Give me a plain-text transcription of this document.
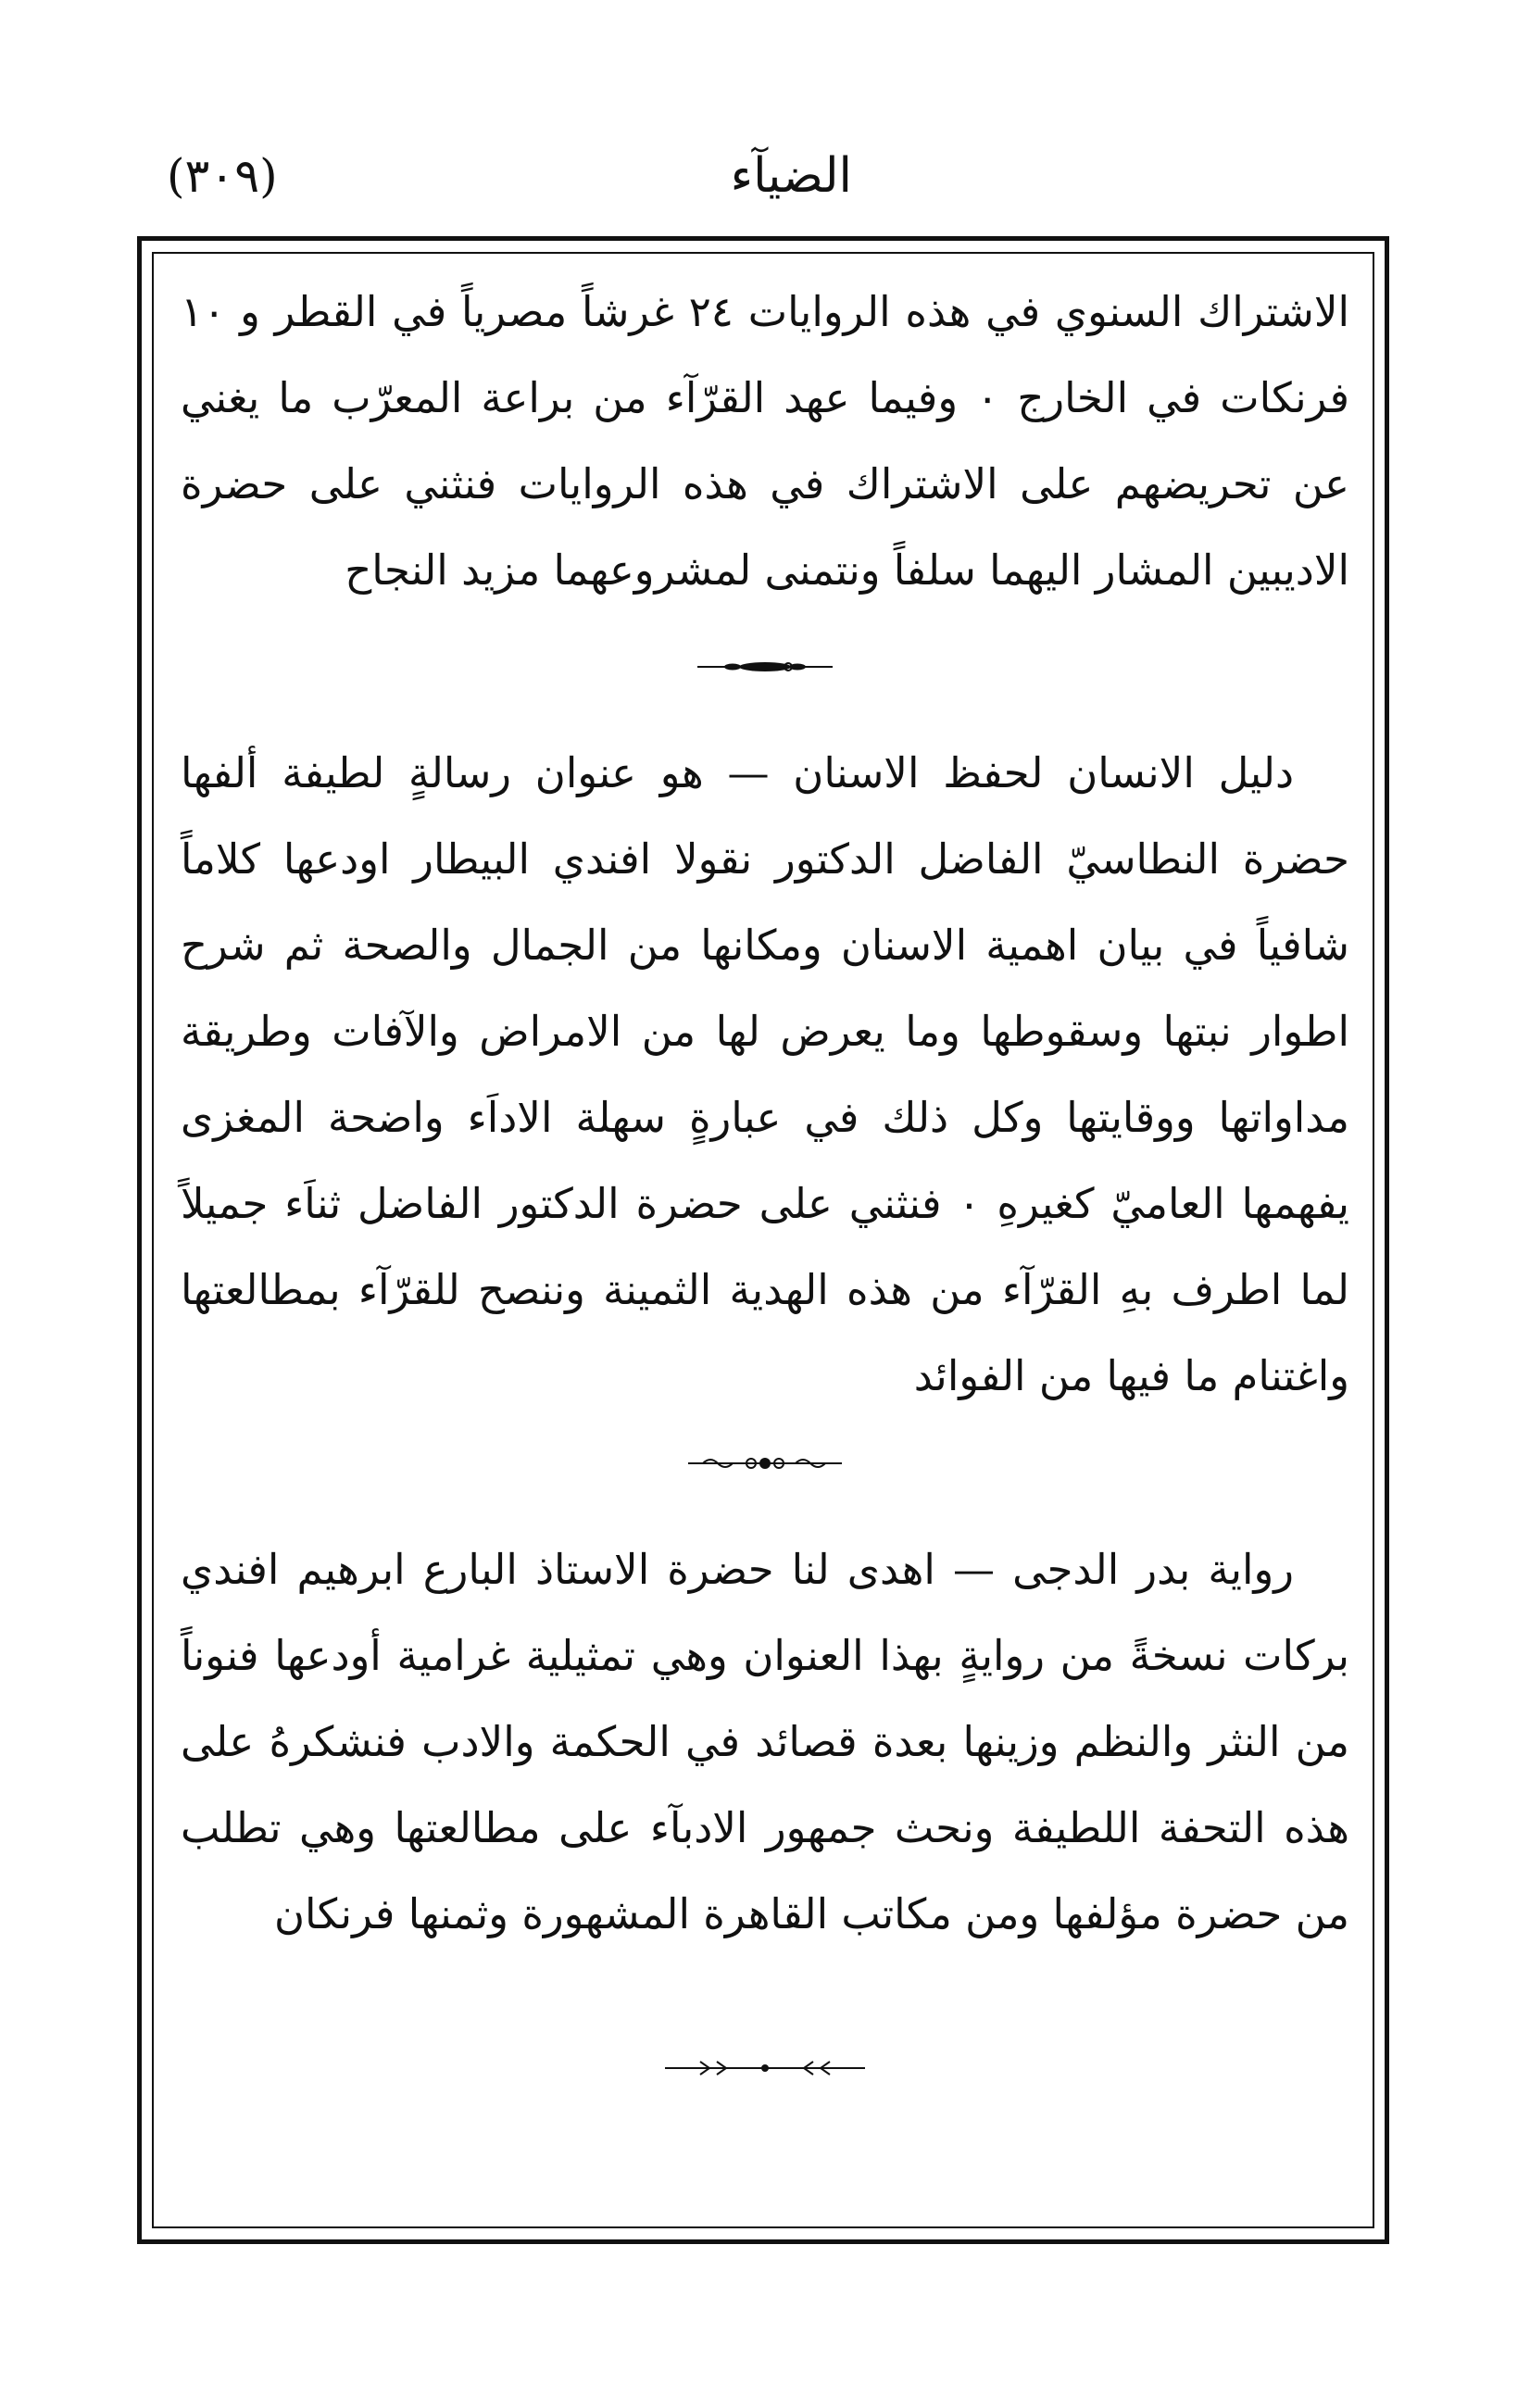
الضيآء
(٣٠٩)

الاشتراك السنوي في هذه الروايات ٢٤ غرشاً مصرياً في القطر و ١٠ فرنكات في الخارج ٠ وفيما عهد القرّآء من براعة المعرّب ما يغني عن تحريضهم على الاشتراك في هذه الروايات فنثني على حضرة الاديبين المشار اليهما سلفاً ونتمنى لمشروعهما مزيد النجاح

دليل الانسان لحفظ الاسنان — هو عنوان رسالةٍ لطيفة ألفها حضرة النطاسيّ الفاضل الدكتور نقولا افندي البيطار اودعها كلاماً شافياً في بيان اهمية الاسنان ومكانها من الجمال والصحة ثم شرح اطوار نبتها وسقوطها وما يعرض لها من الامراض والآفات وطريقة مداواتها ووقايتها وكل ذلك في عبارةٍ سهلة الاداَء واضحة المغزى يفهمها العاميّ كغيرهِ ٠ فنثني على حضرة الدكتور الفاضل ثناَء جميلاً لما اطرف بهِ القرّآء من هذه الهدية الثمينة وننصح للقرّآء بمطالعتها واغتنام ما فيها من الفوائد

رواية بدر الدجى — اهدى لنا حضرة الاستاذ البارع ابرهيم افندي بركات نسخةً من روايةٍ بهذا العنوان وهي تمثيلية غرامية أودعها فنوناً من النثر والنظم وزينها بعدة قصائد في الحكمة والادب فنشكرهُ على هذه التحفة اللطيفة ونحث جمهور الادبآء على مطالعتها وهي تطلب من حضرة مؤلفها ومن مكاتب القاهرة المشهورة وثمنها فرنكان
